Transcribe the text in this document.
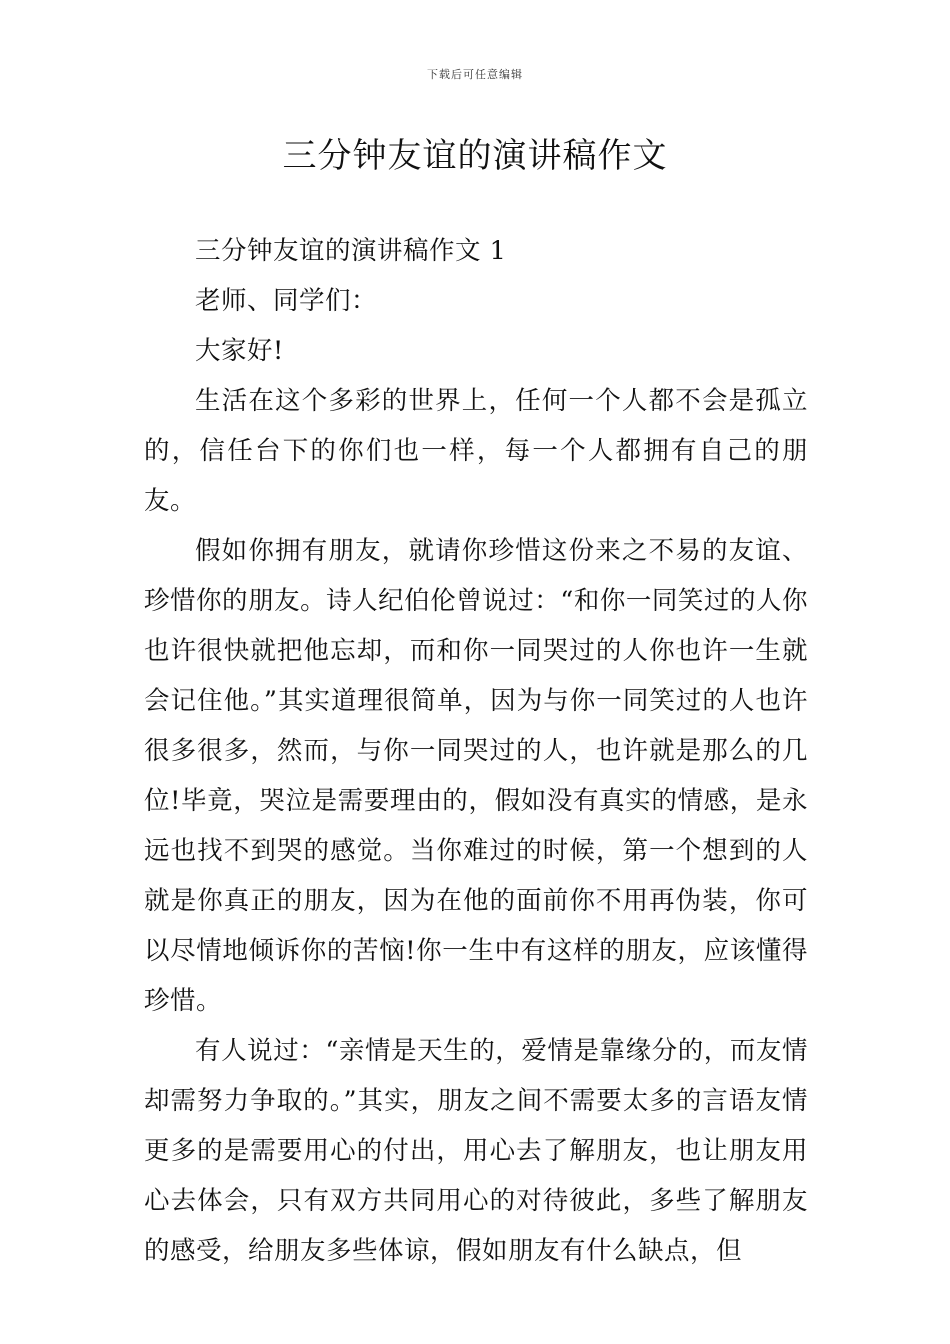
下载后可任意编辑
三分钟友谊的演讲稿作文

三分钟友谊的演讲稿作文 1

老师、同学们：

大家好!

生活在这个多彩的世界上，任何一个人都不会是孤立的，信任台下的你们也一样，每一个人都拥有自己的朋友。

假如你拥有朋友，就请你珍惜这份来之不易的友谊、珍惜你的朋友。诗人纪伯伦曾说过：“和你一同笑过的人你也许很快就把他忘却，而和你一同哭过的人你也许一生就会记住他。”其实道理很简单，因为与你一同笑过的人也许很多很多，然而，与你一同哭过的人，也许就是那么的几位!毕竟，哭泣是需要理由的，假如没有真实的情感，是永远也找不到哭的感觉。当你难过的时候，第一个想到的人就是你真正的朋友，因为在他的面前你不用再伪装，你可以尽情地倾诉你的苦恼!你一生中有这样的朋友，应该懂得珍惜。

有人说过：“亲情是天生的，爱情是靠缘分的，而友情却需努力争取的。”其实，朋友之间不需要太多的言语友情更多的是需要用心的付出，用心去了解朋友，也让朋友用心去体会，只有双方共同用心的对待彼此，多些了解朋友的感受，给朋友多些体谅，假如朋友有什么缺点，但
